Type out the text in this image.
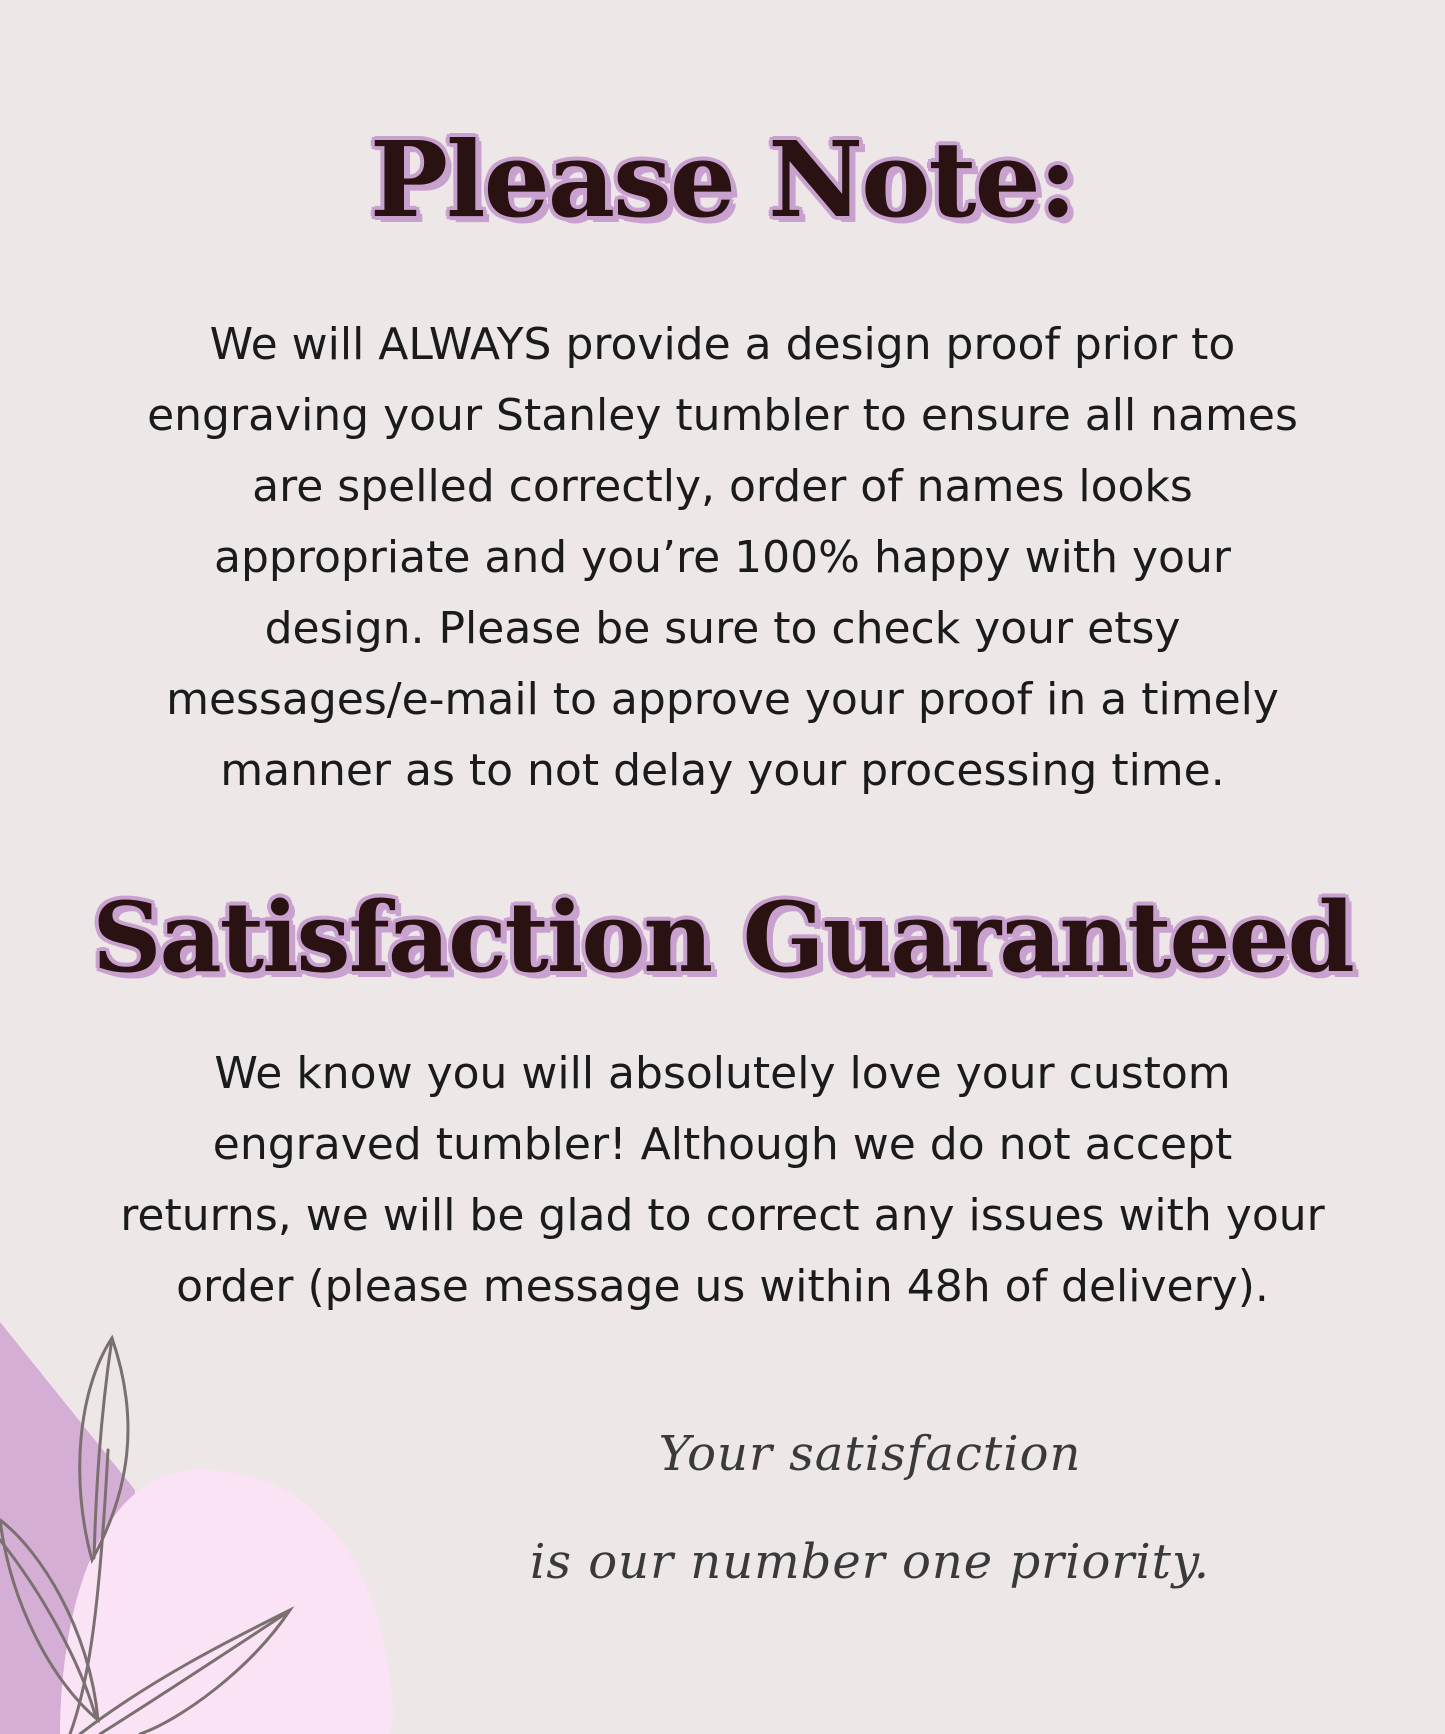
Please Note:
We will ALWAYS provide a design proof prior to
engraving your Stanley tumbler to ensure all names
are spelled correctly, order of names looks
appropriate and you’re 100% happy with your
design. Please be sure to check your etsy
messages/e-mail to approve your proof in a timely
manner as to not delay your processing time.
Satisfaction Guaranteed
We know you will absolutely love your custom
engraved tumbler! Although we do not accept
returns, we will be glad to correct any issues with your
order (please message us within 48h of delivery).
Your satisfaction
is our number one priority.
